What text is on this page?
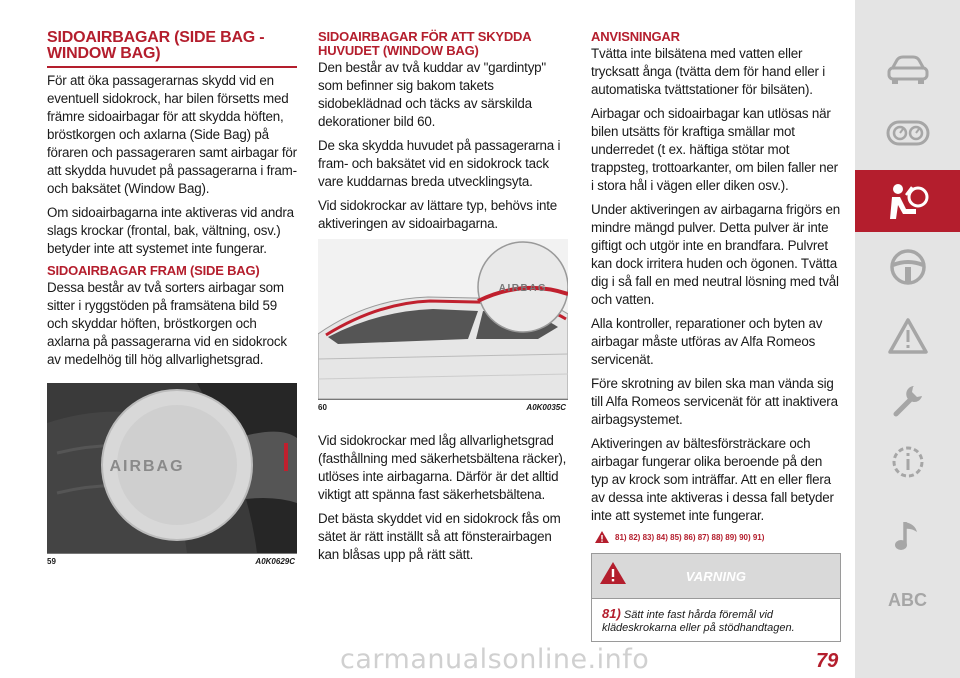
SIDOAIRBAGAR (SIDE BAG - WINDOW BAG)

För att öka passagerarnas skydd vid en eventuell sidokrock, har bilen försetts med främre sidoairbagar för att skydda höften, bröstkorgen och axlarna (Side Bag) på föraren och passageraren samt airbagar för att skydda huvudet på passagerarna i fram- och baksätet (Window Bag).

Om sidoairbagarna inte aktiveras vid andra slags krockar (frontal, bak, vältning, osv.) betyder inte att systemet inte fungerar.

SIDOAIRBAGAR FRAM (SIDE BAG)

Dessa består av två sorters airbagar som sitter i ryggstöden på framsätena bild 59 och skyddar höften, bröstkorgen och axlarna på passagerarna vid en sidokrock av medelhög till hög allvarlighetsgrad.

AIRBAG
59	A0K0629C
SIDOAIRBAGAR FÖR ATT SKYDDA HUVUDET (WINDOW BAG)

Den består av två kuddar av "gardintyp" som befinner sig bakom takets sidobeklädnad och täcks av särskilda dekorationer bild 60.

De ska skydda huvudet på passagerarna i fram- och baksätet vid en sidokrock tack vare kuddarnas breda utvecklingsyta.

Vid sidokrockar av lättare typ, behövs inte aktiveringen av sidoairbagarna.

AIRBAG
60	A0K0035C

Vid sidokrockar med låg allvarlighetsgrad (fasthållning med säkerhetsbältena räcker), utlöses inte airbagarna. Därför är det alltid viktigt att spänna fast säkerhetsbältena.

Det bästa skyddet vid en sidokrock fås om sätet är rätt inställt så att fönsterairbagen kan blåsas upp på rätt sätt.

ANVISNINGAR

Tvätta inte bilsätena med vatten eller trycksatt ånga (tvätta dem för hand eller i automatiska tvättstationer för bilsäten).

Airbagar och sidoairbagar kan utlösas när bilen utsätts för kraftiga smällar mot underredet (t ex. häftiga stötar mot trappsteg, trottoarkanter, om bilen faller ner i stora hål i vägen eller diken osv.).

Under aktiveringen av airbagarna frigörs en mindre mängd pulver. Detta pulver är inte giftigt och utgör inte en brandfara. Pulvret kan dock irritera huden och ögonen. Tvätta dig i så fall en med neutral lösning med tvål och vatten.

Alla kontroller, reparationer och byten av airbagar måste utföras av Alfa Romeos servicenät.

Före skrotning av bilen ska man vända sig till Alfa Romeos servicenät för att inaktivera airbagsystemet.

Aktiveringen av bältesförsträckare och airbagar fungerar olika beroende på den typ av krock som inträffar. Att en eller flera av dessa inte aktiveras i dessa fall betyder inte att systemet inte fungerar.

81) 82) 83) 84) 85) 86) 87) 88) 89) 90) 91)
VARNING
81) Sätt inte fast hårda föremål vid klädeskrokarna eller på stödhandtagen.
79
carmanualsonline.info
ABC
